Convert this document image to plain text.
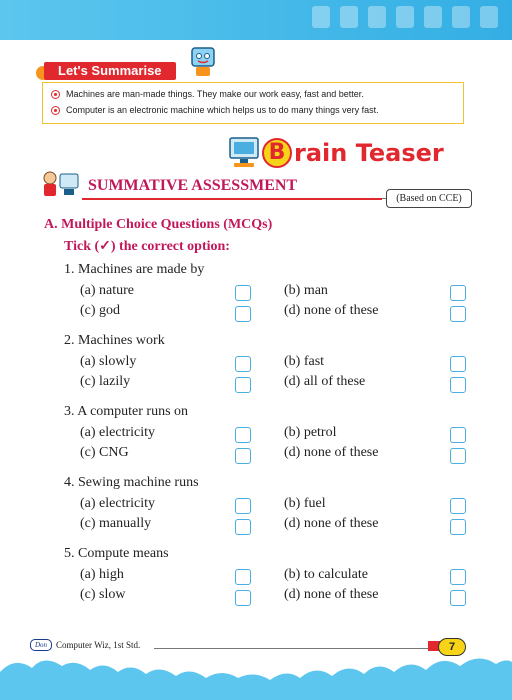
Let's Summarise
Machines are man-made things. They make our work easy, fast and better.
Computer is an electronic machine which helps us to do many things very fast.
B rain Teaser
SUMMATIVE ASSESSMENT
(Based on CCE)
A. Multiple Choice Questions (MCQs)
Tick (✓) the correct option:
1. Machines are made by
(a) nature	(b) man
(c) god	(d) none of these
2. Machines work
(a) slowly	(b) fast
(c) lazily	(d) all of these
3. A computer runs on
(a) electricity	(b) petrol
(c) CNG	(d) none of these
4. Sewing machine runs
(a) electricity	(b) fuel
(c) manually	(d) none of these
5. Compute means
(a) high	(b) to calculate
(c) slow	(d) none of these
Don Computer Wiz, 1st Std.	7
